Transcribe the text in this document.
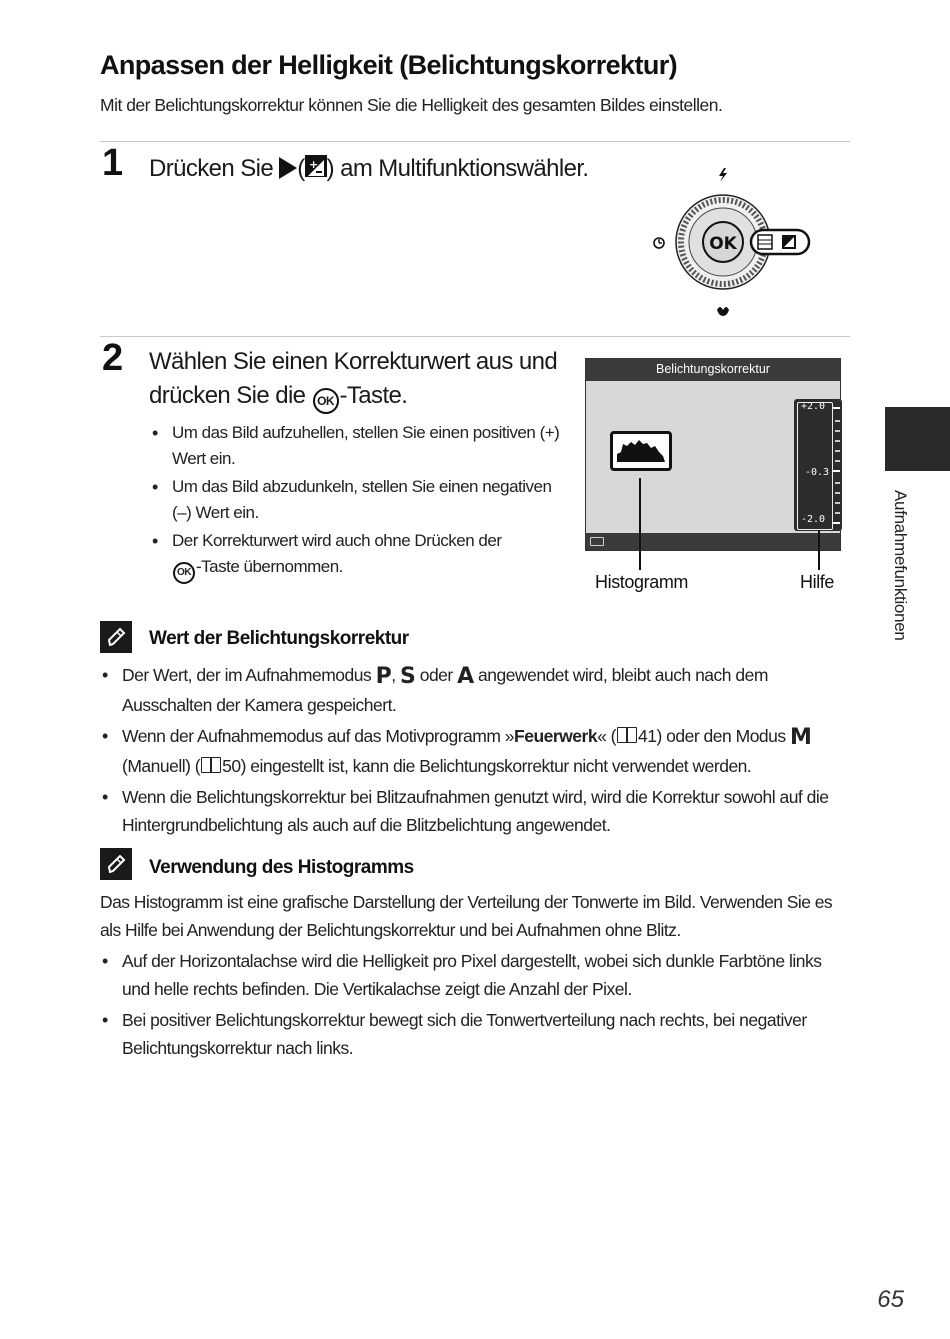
Anpassen der Helligkeit (Belichtungskorrektur)
Mit der Belichtungskorrektur können Sie die Helligkeit des gesamten Bildes einstellen.
1 Drücken Sie ( + ) am Multifunktionswähler.
OK
2 Wählen Sie einen Korrekturwert aus und
drücken Sie die OK -Taste.
• Um das Bild aufzuhellen, stellen Sie einen positiven (+) Wert ein.
• Um das Bild abzudunkeln, stellen Sie einen negativen (–) Wert ein.
• Der Korrekturwert wird auch ohne Drücken der
OK -Taste übernommen.
Belichtungskorrektur
+2.0
-0.3
-2.0
Histogramm	Hilfe
Wert der Belichtungskorrektur
• Der Wert, der im Aufnahmemodus P, S oder A angewendet wird, bleibt auch nach dem Ausschalten der Kamera gespeichert.
• Wenn der Aufnahmemodus auf das Motivprogramm »Feuerwerk« ( 41) oder den Modus M (Manuell) ( 50) eingestellt ist, kann die Belichtungskorrektur nicht verwendet werden.
• Wenn die Belichtungskorrektur bei Blitzaufnahmen genutzt wird, wird die Korrektur sowohl auf die Hintergrundbelichtung als auch auf die Blitzbelichtung angewendet.
Verwendung des Histogramms
Das Histogramm ist eine grafische Darstellung der Verteilung der Tonwerte im Bild. Verwenden Sie es als Hilfe bei Anwendung der Belichtungskorrektur und bei Aufnahmen ohne Blitz.
• Auf der Horizontalachse wird die Helligkeit pro Pixel dargestellt, wobei sich dunkle Farbtöne links und helle rechts befinden. Die Vertikalachse zeigt die Anzahl der Pixel.
• Bei positiver Belichtungskorrektur bewegt sich die Tonwertverteilung nach rechts, bei negativer Belichtungskorrektur nach links.
Aufnahmefunktionen
65
